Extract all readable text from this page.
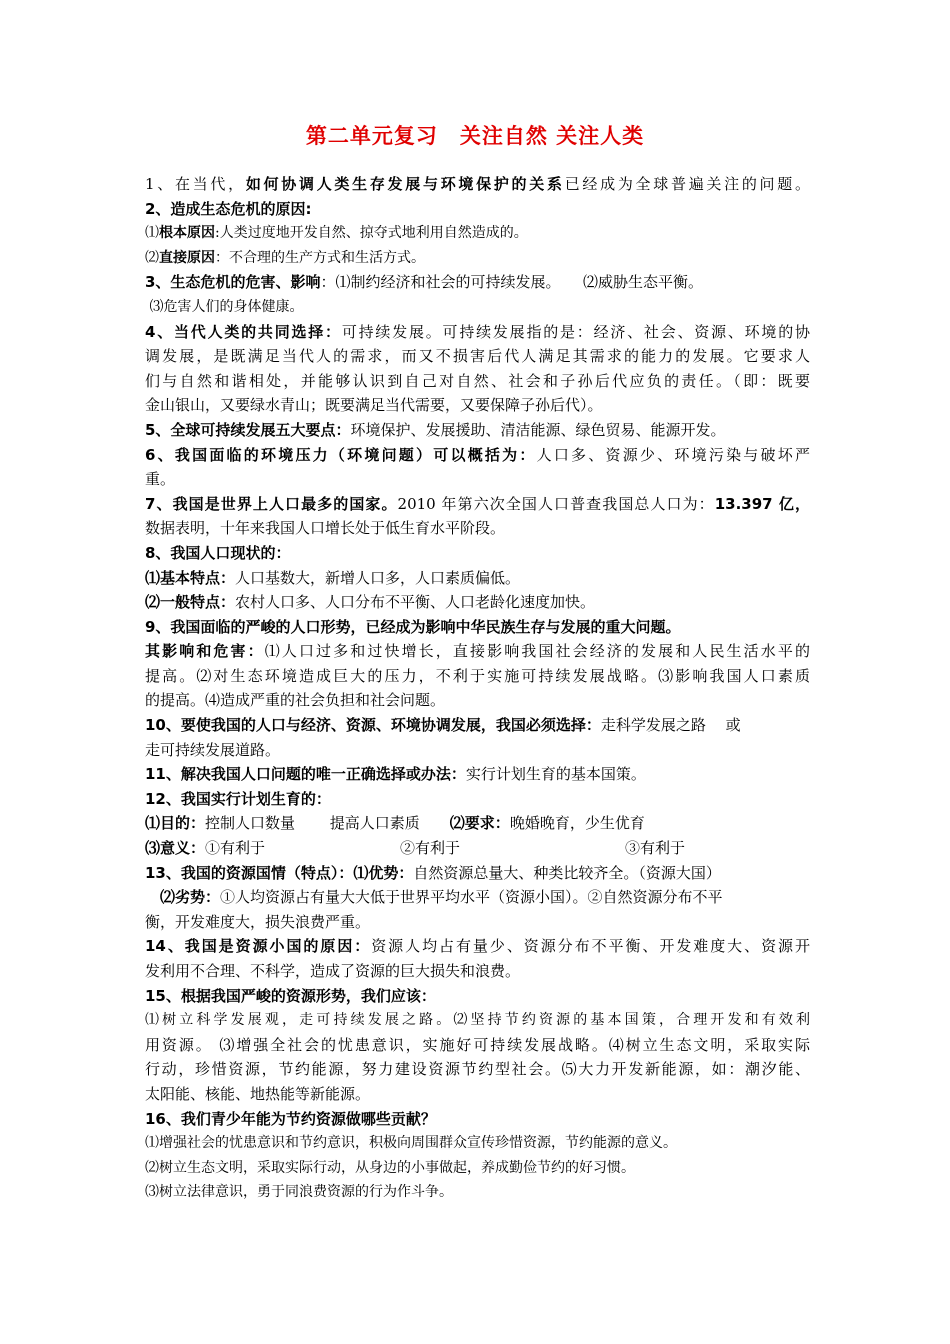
第二单元复习　关注自然 关注人类
1、在当代，如何协调人类生存发展与环境保护的关系已经成为全球普遍关注的问题。
2、造成生态危机的原因:
⑴根本原因:人类过度地开发自然、掠夺式地利用自然造成的。
⑵直接原因：不合理的生产方式和生活方式。
3、生态危机的危害、影响：⑴制约经济和社会的可持续发展。　　⑵威胁生态平衡。
⑶危害人们的身体健康。
4、当代人类的共同选择：可持续发展。可持续发展指的是：经济、社会、资源、环境的协
调发展，是既满足当代人的需求，而又不损害后代人满足其需求的能力的发展。它要求人
们与自然和谐相处，并能够认识到自己对自然、社会和子孙后代应负的责任。（即：既要
金山银山，又要绿水青山；既要满足当代需要，又要保障子孙后代）。
5、全球可持续发展五大要点：环境保护、发展援助、清洁能源、绿色贸易、能源开发。
6、我国面临的环境压力（环境问题）可以概括为：人口多、资源少、环境污染与破坏严
重。
7、我国是世界上人口最多的国家。2010 年第六次全国人口普查我国总人口为：13.397 亿，
数据表明，十年来我国人口增长处于低生育水平阶段。
8、我国人口现状的：
⑴基本特点：人口基数大，新增人口多，人口素质偏低。
⑵一般特点：农村人口多、人口分布不平衡、人口老龄化速度加快。
9、我国面临的严峻的人口形势，已经成为影响中华民族生存与发展的重大问题。
其影响和危害：⑴人口过多和过快增长，直接影响我国社会经济的发展和人民生活水平的
提高。⑵对生态环境造成巨大的压力，不利于实施可持续发展战略。⑶影响我国人口素质
的提高。⑷造成严重的社会负担和社会问题。
10、要使我国的人口与经济、资源、环境协调发展，我国必须选择：走科学发展之路　 或
走可持续发展道路。
11、解决我国人口问题的唯一正确选择或办法：实行计划生育的基本国策。
12、我国实行计划生育的：
⑴目的：控制人口数量　　 提高人口素质　　⑵要求：晚婚晚育，少生优育
⑶意义：①有利于　　　　　　　　　②有利于　　　　　　　　　　　③有利于
13、我国的资源国情（特点）：⑴优势：自然资源总量大、种类比较齐全。（资源大国）
　⑵劣势：①人均资源占有量大大低于世界平均水平（资源小国）。②自然资源分布不平
衡，开发难度大，损失浪费严重。
14、我国是资源小国的原因：资源人均占有量少、资源分布不平衡、开发难度大、资源开
发利用不合理、不科学，造成了资源的巨大损失和浪费。
15、根据我国严峻的资源形势，我们应该：
⑴树立科学发展观，走可持续发展之路。⑵坚持节约资源的基本国策，合理开发和有效利
用资源。 ⑶增强全社会的忧患意识，实施好可持续发展战略。⑷树立生态文明，采取实际
行动，珍惜资源，节约能源，努力建设资源节约型社会。⑸大力开发新能源，如：潮汐能、
太阳能、核能、地热能等新能源。
16、我们青少年能为节约资源做哪些贡献？
⑴增强社会的忧患意识和节约意识，积极向周围群众宣传珍惜资源，节约能源的意义。
⑵树立生态文明，采取实际行动，从身边的小事做起，养成勤俭节约的好习惯。
⑶树立法律意识，勇于同浪费资源的行为作斗争。
